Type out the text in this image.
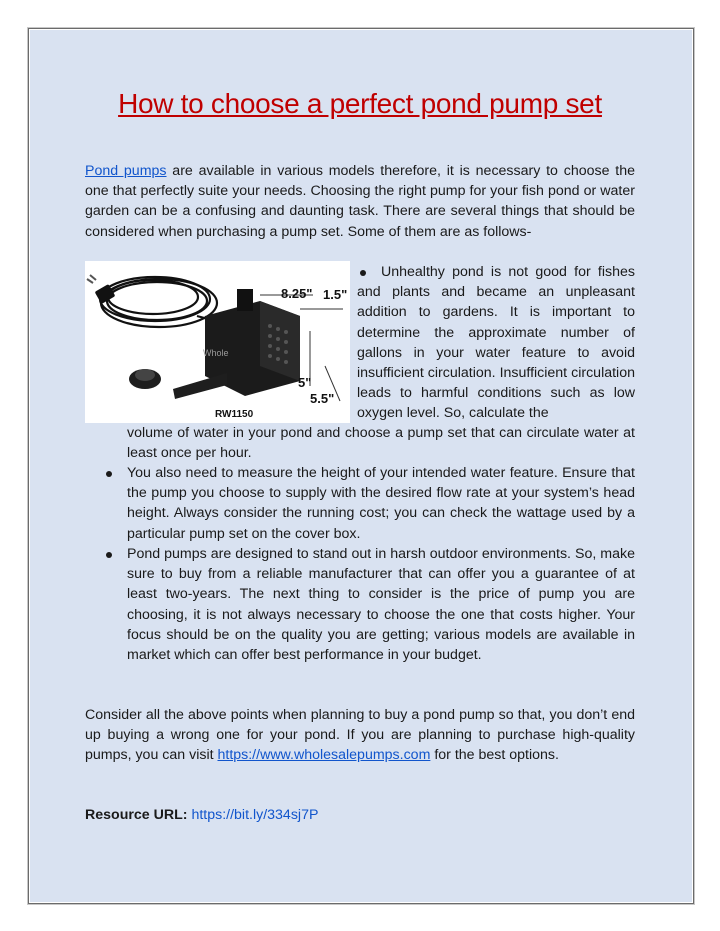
How to choose a perfect pond pump set
Pond pumps are available in various models therefore, it is necessary to choose the one that perfectly suite your needs. Choosing the right pump for your fish pond or water garden can be a confusing and daunting task. There are several things that should be considered when purchasing a pump set. Some of them are as follows-
8.25" 1.5"
5"
5.5"
RW1150
Whole
Unhealthy pond is not good for fishes and plants and became an unpleasant addition to gardens. It is important to determine the approximate number of gallons in your water feature to avoid insufficient circulation. Insufficient circulation leads to harmful conditions such as low oxygen level. So, calculate the
volume of water in your pond and choose a pump set that can circulate water at least once per hour.
You also need to measure the height of your intended water feature. Ensure that the pump you choose to supply with the desired flow rate at your system’s head height. Always consider the running cost; you can check the wattage used by a particular pump set on the cover box.
Pond pumps are designed to stand out in harsh outdoor environments. So, make sure to buy from a reliable manufacturer that can offer you a guarantee of at least two-years. The next thing to consider is the price of pump you are choosing, it is not always necessary to choose the one that costs higher. Your focus should be on the quality you are getting; various models are available in market which can offer best performance in your budget.
Consider all the above points when planning to buy a pond pump so that, you don’t end up buying a wrong one for your pond. If you are planning to purchase high-quality pumps, you can visit https://www.wholesalepumps.com for the best options.
Resource URL: https://bit.ly/334sj7P
